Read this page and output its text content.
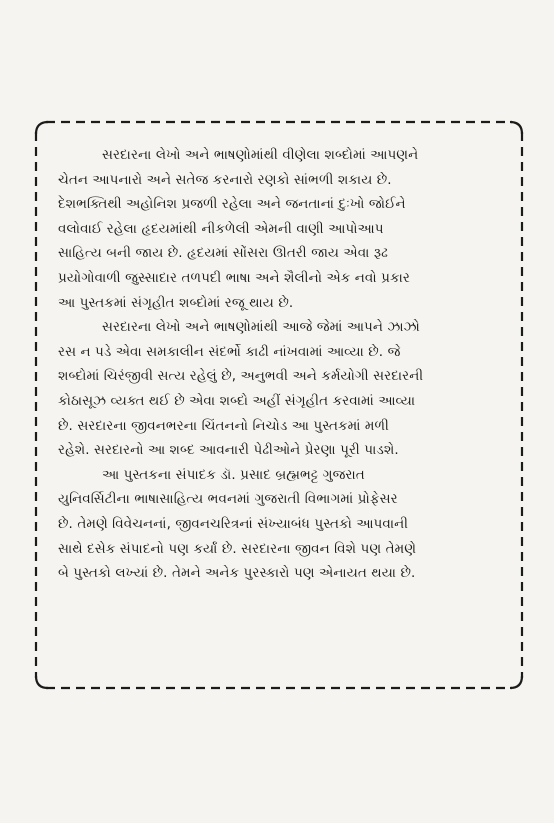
સરદારના લેખો અને ભાષણોમાંથી વીણેલા શબ્દોમાં આપણને
ચેતન આપનારો અને સતેજ કરનારો રણકો સાંભળી શકાય છે.
દેશભક્તિથી અહોનિશ પ્રજળી રહેલા અને જનતાનાં દુઃખો જોઈને
વલોવાઈ રહેલા હૃદયમાંથી નીકળેલી એમની વાણી આપોઆપ
સાહિત્ય બની જાય છે. હૃદયમાં સોંસરા ઊતરી જાય એવા રૂઢ
પ્રયોગોવાળી જુસ્સાદાર તળપદી ભાષા અને શૈલીનો એક નવો પ્રકાર
આ પુસ્તકમાં સંગૃહીત શબ્દોમાં રજૂ થાય છે.

સરદારના લેખો અને ભાષણોમાંથી આજે જેમાં આપને ઝાઝો
રસ ન પડે એવા સમકાલીન સંદર્ભો કાઢી નાંખવામાં આવ્યા છે. જે
શબ્દોમાં ચિરંજીવી સત્ય રહેલું છે, અનુભવી અને કર્મયોગી સરદારની
કોઠાસૂઝ વ્યક્ત થઈ છે એવા શબ્દો અહીં સંગૃહીત કરવામાં આવ્યા
છે. સરદારના જીવનભરના ચિંતનનો નિચોડ આ પુસ્તકમાં મળી
રહેશે. સરદારનો આ શબ્દ આવનારી પેઢીઓને પ્રેરણા પૂરી પાડશે.

આ પુસ્તકના સંપાદક ડૉ. પ્રસાદ બ્રહ્મભટ્ટ ગુજરાત
યુનિવર્સિટીના ભાષાસાહિત્ય ભવનમાં ગુજરાતી વિભાગમાં પ્રોફેસર
છે. તેમણે વિવેચનનાં, જીવનચરિત્રનાં સંખ્યાબંધ પુસ્તકો આપવાની
સાથે દસેક સંપાદનો પણ કર્યાં છે. સરદારના જીવન વિશે પણ તેમણે
બે પુસ્તકો લખ્યાં છે. તેમને અનેક પુરસ્કારો પણ એનાયત થયા છે.
